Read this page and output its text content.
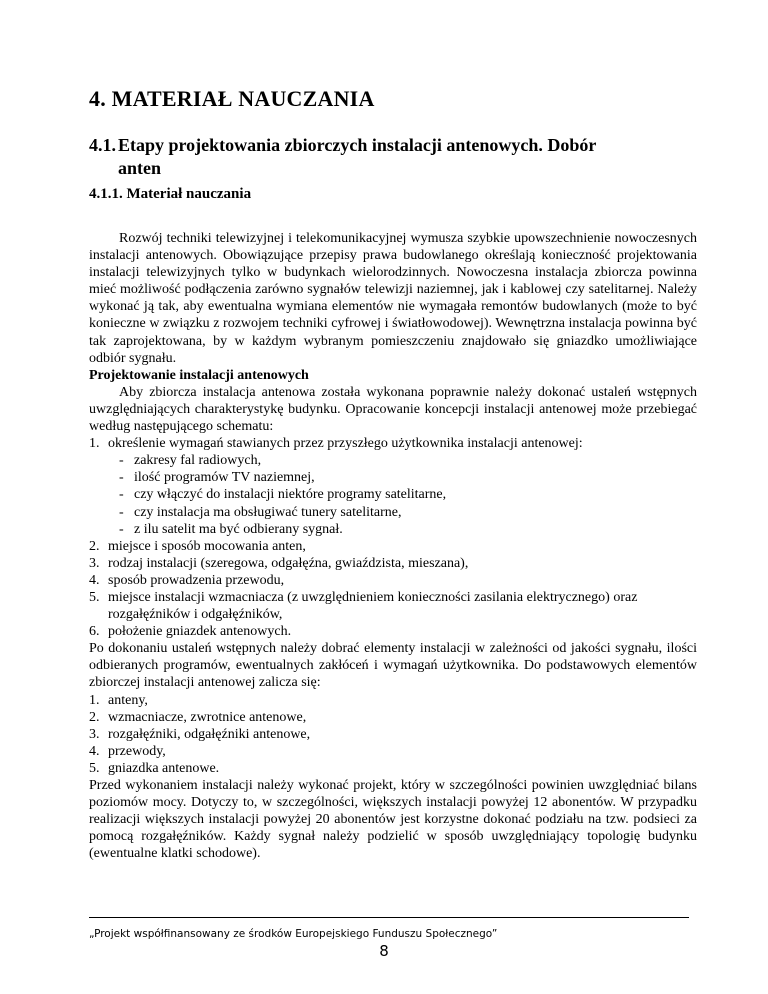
4. MATERIAŁ NAUCZANIA
4.1. Etapy projektowania zbiorczych instalacji antenowych. Dobór
anten
4.1.1. Materiał nauczania

Rozwój techniki telewizyjnej i telekomunikacyjnej wymusza szybkie upowszechnienie nowoczesnych instalacji antenowych. Obowiązujące przepisy prawa budowlanego określają konieczność projektowania instalacji telewizyjnych tylko w budynkach wielorodzinnych. Nowoczesna instalacja zbiorcza powinna mieć możliwość podłączenia zarówno sygnałów telewizji naziemnej, jak i kablowej czy satelitarnej. Należy wykonać ją tak, aby ewentualna wymiana elementów nie wymagała remontów budowlanych (może to być konieczne w związku z rozwojem techniki cyfrowej i światłowodowej). Wewnętrzna instalacja powinna być tak zaprojektowana, by w każdym wybranym pomieszczeniu znajdowało się gniazdko umożliwiające odbiór sygnału.

Projektowanie instalacji antenowych

Aby zbiorcza instalacja antenowa została wykonana poprawnie należy dokonać ustaleń wstępnych uwzględniających charakterystykę budynku. Opracowanie koncepcji instalacji antenowej może przebiegać według następującego schematu:

1. określenie wymagań stawianych przez przyszłego użytkownika instalacji antenowej:
- zakresy fal radiowych,
- ilość programów TV naziemnej,
- czy włączyć do instalacji niektóre programy satelitarne,
- czy instalacja ma obsługiwać tunery satelitarne,
- z ilu satelit ma być odbierany sygnał.
2. miejsce i sposób mocowania anten,
3. rodzaj instalacji (szeregowa, odgałęźna, gwiaździsta, mieszana),
4. sposób prowadzenia przewodu,
5. miejsce instalacji wzmacniacza (z uwzględnieniem konieczności zasilania elektrycznego) oraz rozgałęźników i odgałęźników,
6. położenie gniazdek antenowych.

Po dokonaniu ustaleń wstępnych należy dobrać elementy instalacji w zależności od jakości sygnału, ilości odbieranych programów, ewentualnych zakłóceń i wymagań użytkownika. Do podstawowych elementów zbiorczej instalacji antenowej zalicza się:

1. anteny,
2. wzmacniacze, zwrotnice antenowe,
3. rozgałęźniki, odgałęźniki antenowe,
4. przewody,
5. gniazdka antenowe.

Przed wykonaniem instalacji należy wykonać projekt, który w szczególności powinien uwzględniać bilans poziomów mocy. Dotyczy to, w szczególności, większych instalacji powyżej 12 abonentów. W przypadku realizacji większych instalacji powyżej 20 abonentów jest korzystne dokonać podziału na tzw. podsieci za pomocą rozgałęźników. Każdy sygnał należy podzielić w sposób uwzględniający topologię budynku (ewentualne klatki schodowe).

„Projekt współfinansowany ze środków Europejskiego Funduszu Społecznego”
8
